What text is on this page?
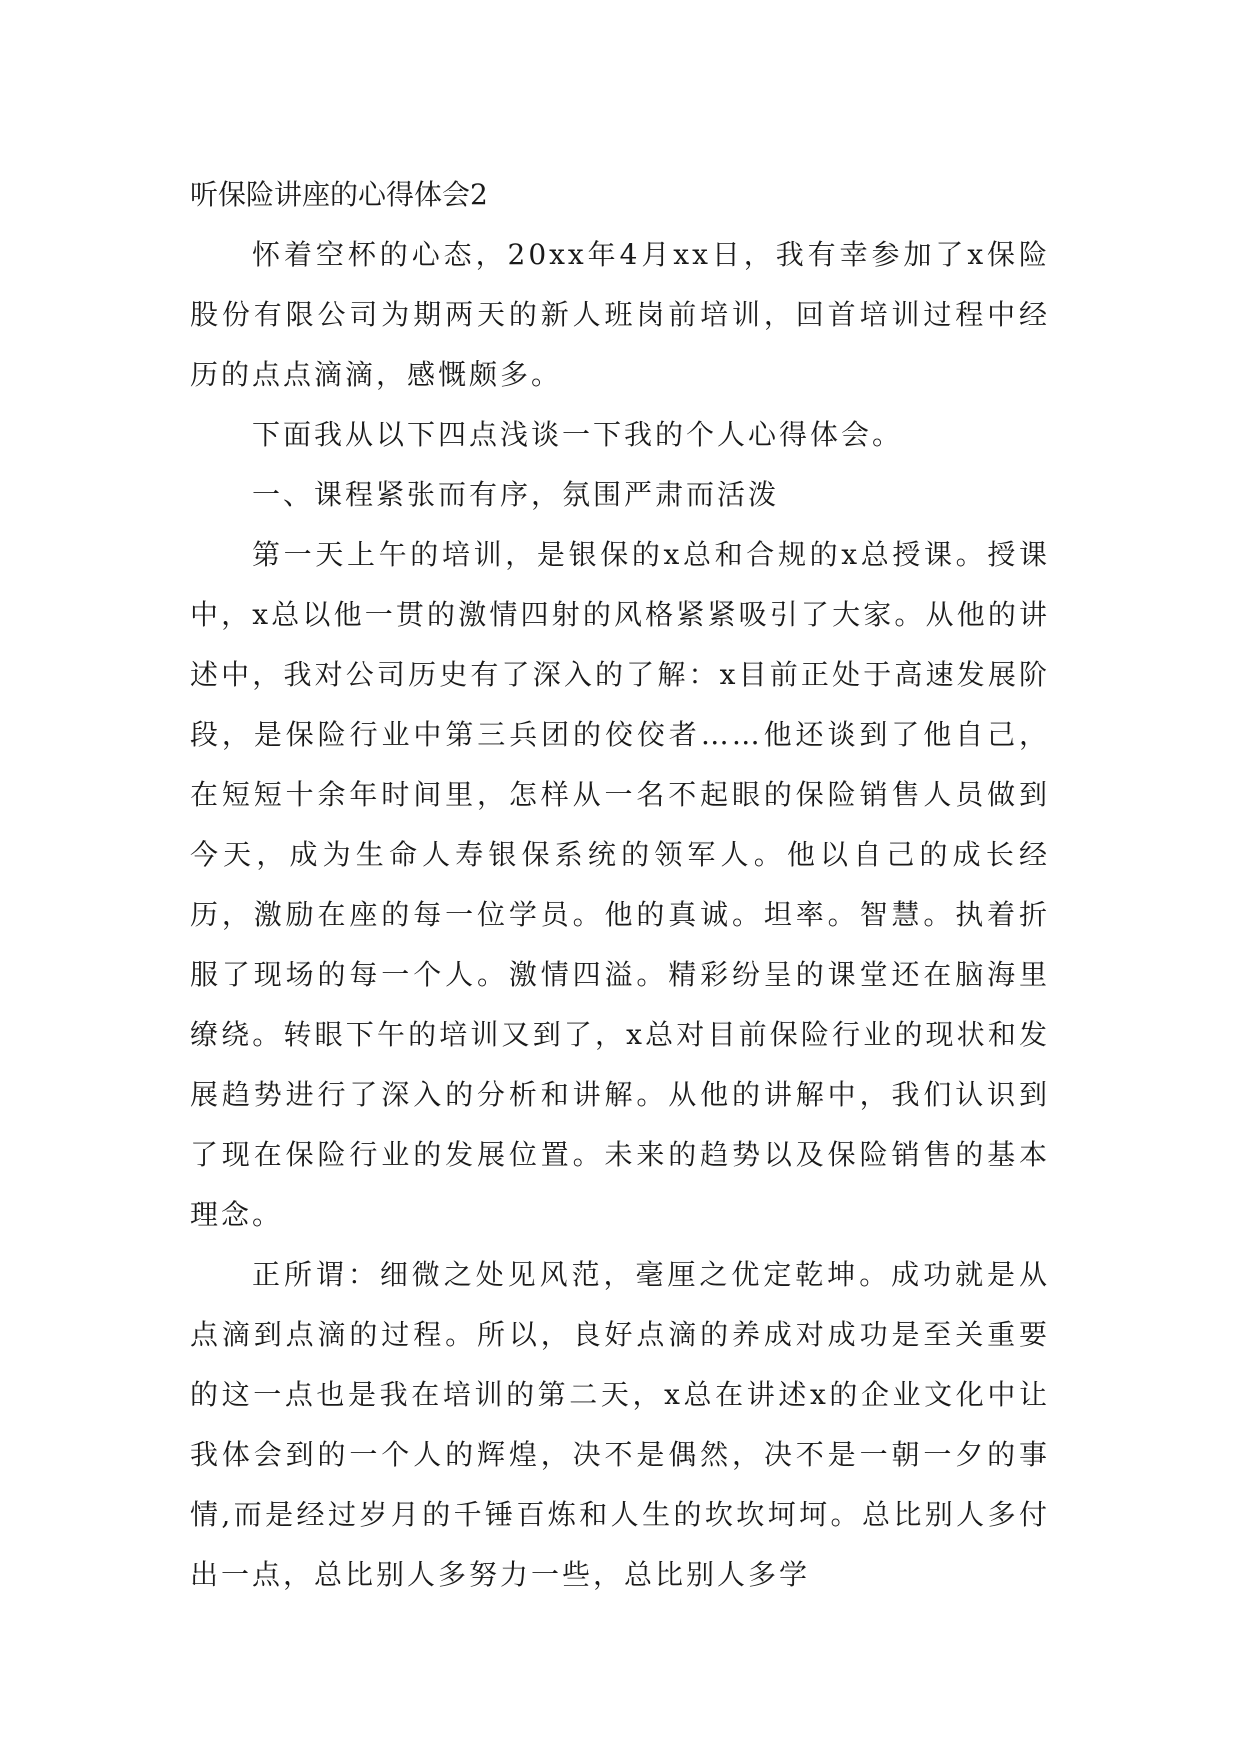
听保险讲座的心得体会2

怀着空杯的心态，20xx年4月xx日，我有幸参加了x保险股份有限公司为期两天的新人班岗前培训，回首培训过程中经历的点点滴滴，感慨颇多。

下面我从以下四点浅谈一下我的个人心得体会。

一、课程紧张而有序，氛围严肃而活泼

第一天上午的培训，是银保的x总和合规的x总授课。授课中，x总以他一贯的激情四射的风格紧紧吸引了大家。从他的讲述中，我对公司历史有了深入的了解：x目前正处于高速发展阶段，是保险行业中第三兵团的佼佼者……他还谈到了他自己，在短短十余年时间里，怎样从一名不起眼的保险销售人员做到今天，成为生命人寿银保系统的领军人。他以自己的成长经历，激励在座的每一位学员。他的真诚。坦率。智慧。执着折服了现场的每一个人。激情四溢。精彩纷呈的课堂还在脑海里缭绕。转眼下午的培训又到了，x总对目前保险行业的现状和发展趋势进行了深入的分析和讲解。从他的讲解中，我们认识到了现在保险行业的发展位置。未来的趋势以及保险销售的基本理念。

正所谓：细微之处见风范，毫厘之优定乾坤。成功就是从点滴到点滴的过程。所以，良好点滴的养成对成功是至关重要的这一点也是我在培训的第二天，x总在讲述x的企业文化中让我体会到的一个人的辉煌，决不是偶然，决不是一朝一夕的事情,而是经过岁月的千锤百炼和人生的坎坎坷坷。总比别人多付出一点，总比别人多努力一些，总比别人多学
